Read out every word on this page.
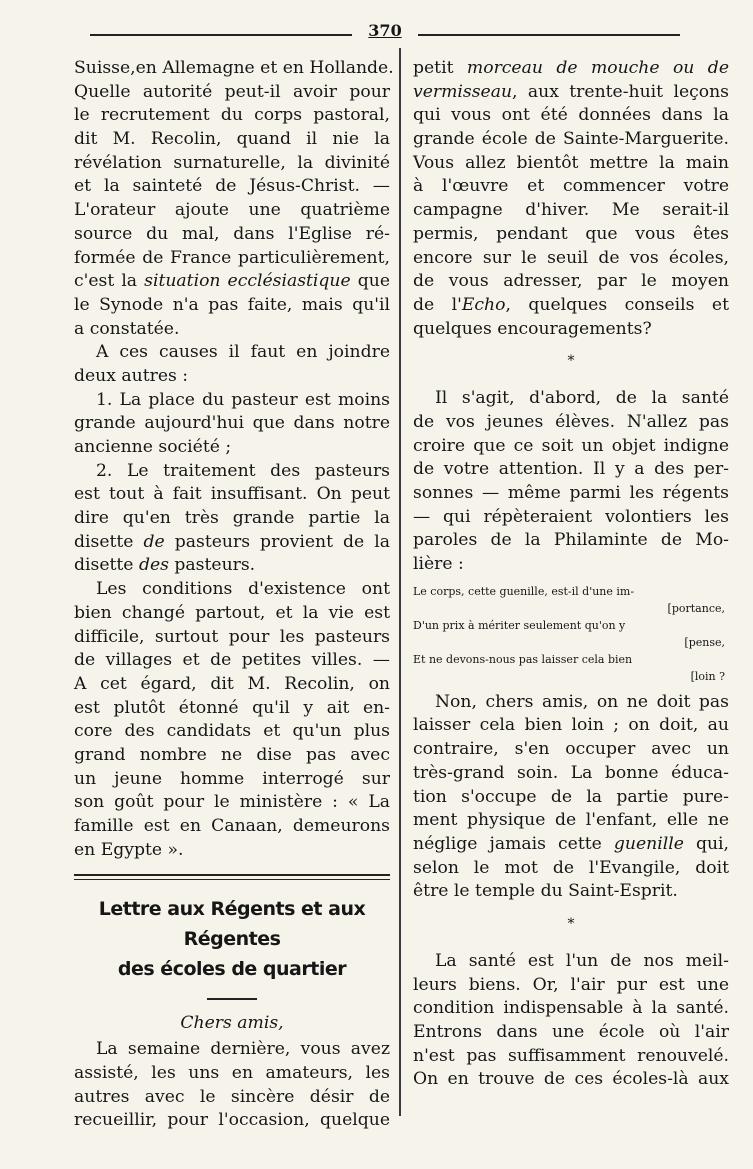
370

Suisse,en Allemagne et en Hollande.
Quelle autorité peut-il avoir pour
le recrutement du corps pastoral,
dit M. Recolin, quand il nie la
révélation surnaturelle, la divinité
et la sainteté de Jésus-Christ. —
L'orateur ajoute une quatrième
source du mal, dans l'Eglise ré-
formée de France particulièrement,
c'est la situation ecclésiastique que
le Synode n'a pas faite, mais qu'il
a constatée.

A ces causes il faut en joindre
deux autres :

1. La place du pasteur est moins
grande aujourd'hui que dans notre
ancienne société ;

2. Le traitement des pasteurs
est tout à fait insuffisant. On peut
dire qu'en très grande partie la
disette de pasteurs provient de la
disette des pasteurs.

Les conditions d'existence ont
bien changé partout, et la vie est
difficile, surtout pour les pasteurs
de villages et de petites villes. —
A cet égard, dit M. Recolin, on
est plutôt étonné qu'il y ait en-
core des candidats et qu'un plus
grand nombre ne dise pas avec
un jeune homme interrogé sur
son goût pour le ministère : « La
famille est en Canaan, demeurons
en Egypte ».

Lettre aux Régents et aux Régentes
des écoles de quartier
Chers amis,

La semaine dernière, vous avez
assisté, les uns en amateurs, les
autres avec le sincère désir de
recueillir, pour l'occasion, quelque

petit morceau de mouche ou de
vermisseau, aux trente-huit leçons
qui vous ont été données dans la
grande école de Sainte-Marguerite.
Vous allez bientôt mettre la main
à l'œuvre et commencer votre
campagne d'hiver. Me serait-il
permis, pendant que vous êtes
encore sur le seuil de vos écoles,
de vous adresser, par le moyen
de l'Echo, quelques conseils et
quelques encouragements?

*

Il s'agit, d'abord, de la santé
de vos jeunes élèves. N'allez pas
croire que ce soit un objet indigne
de votre attention. Il y a des per-
sonnes — même parmi les régents
— qui répèteraient volontiers les
paroles de la Philaminte de Mo-
lière :

Le corps, cette guenille, est-il d'une im-
[portance,
D'un prix à mériter seulement qu'on y
[pense,
Et ne devons-nous pas laisser cela bien
[loin ?

Non, chers amis, on ne doit pas
laisser cela bien loin ; on doit, au
contraire, s'en occuper avec un
très-grand soin. La bonne éduca-
tion s'occupe de la partie pure-
ment physique de l'enfant, elle ne
néglige jamais cette guenille qui,
selon le mot de l'Evangile, doit
être le temple du Saint-Esprit.

*

La santé est l'un de nos meil-
leurs biens. Or, l'air pur est une
condition indispensable à la santé.
Entrons dans une école où l'air
n'est pas suffisamment renouvelé.
On en trouve de ces écoles-là aux
